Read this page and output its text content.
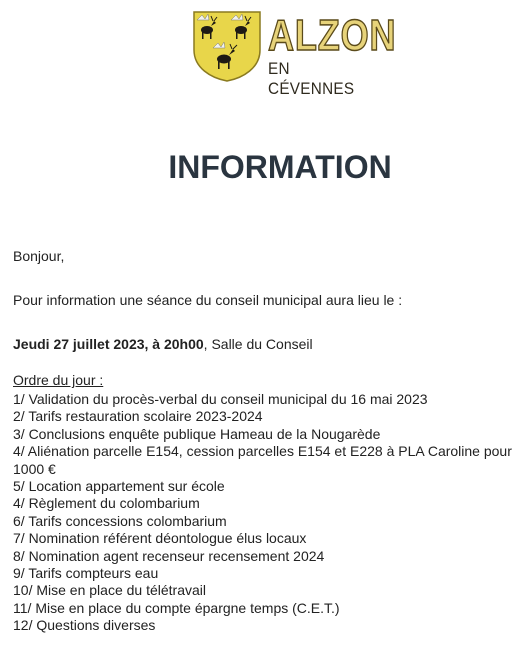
ALZON
EN CÉVENNES
INFORMATION

Bonjour,

Pour information une séance du conseil municipal aura lieu le :

Jeudi 27 juillet 2023, à 20h00, Salle du Conseil

Ordre du jour :

1/ Validation du procès-verbal du conseil municipal du 16 mai 2023
2/ Tarifs restauration scolaire 2023-2024
3/ Conclusions enquête publique Hameau de la Nougarède
4/ Aliénation parcelle E154, cession parcelles E154 et E228 à PLA Caroline pour 1000 €
5/ Location appartement sur école
4/ Règlement du colombarium
6/ Tarifs concessions colombarium
7/ Nomination référent déontologue élus locaux
8/ Nomination agent recenseur recensement 2024
9/ Tarifs compteurs eau
10/ Mise en place du télétravail
11/ Mise en place du compte épargne temps (C.E.T.)
12/ Questions diverses
